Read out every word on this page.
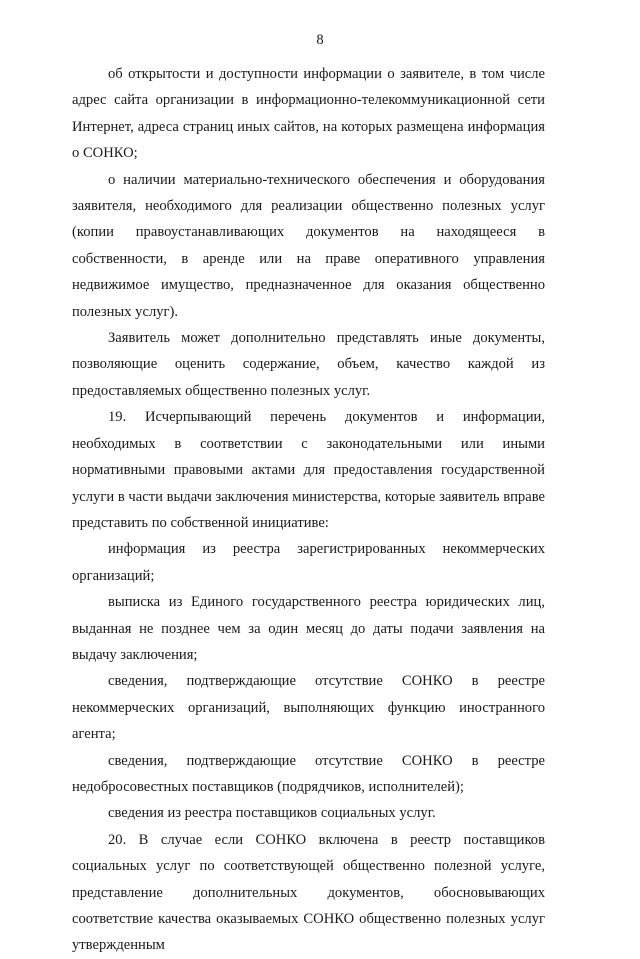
8

об открытости и доступности информации о заявителе, в том числе адрес сайта организации в информационно-телекоммуникационной сети Интернет, адреса страниц иных сайтов, на которых размещена информация о СОНКО;

о наличии материально-технического обеспечения и оборудования заявителя, необходимого для реализации общественно полезных услуг (копии правоустанавливающих документов на находящееся в собственности, в аренде или на праве оперативного управления недвижимое имущество, предназначенное для оказания общественно полезных услуг).

Заявитель может дополнительно представлять иные документы, позволяющие оценить содержание, объем, качество каждой из предоставляемых общественно полезных услуг.

19. Исчерпывающий перечень документов и информации, необходимых в соответствии с законодательными или иными нормативными правовыми актами для предоставления государственной услуги в части выдачи заключения министерства, которые заявитель вправе представить по собственной инициативе:

информация из реестра зарегистрированных некоммерческих организаций;

выписка из Единого государственного реестра юридических лиц, выданная не позднее чем за один месяц до даты подачи заявления на выдачу заключения;

сведения, подтверждающие отсутствие СОНКО в реестре некоммерческих организаций, выполняющих функцию иностранного агента;

сведения, подтверждающие отсутствие СОНКО в реестре недобросовестных поставщиков (подрядчиков, исполнителей);

сведения из реестра поставщиков социальных услуг.

20. В случае если СОНКО включена в реестр поставщиков социальных услуг по соответствующей общественно полезной услуге, представление дополнительных документов, обосновывающих соответствие качества оказываемых СОНКО общественно полезных услуг утвержденным
